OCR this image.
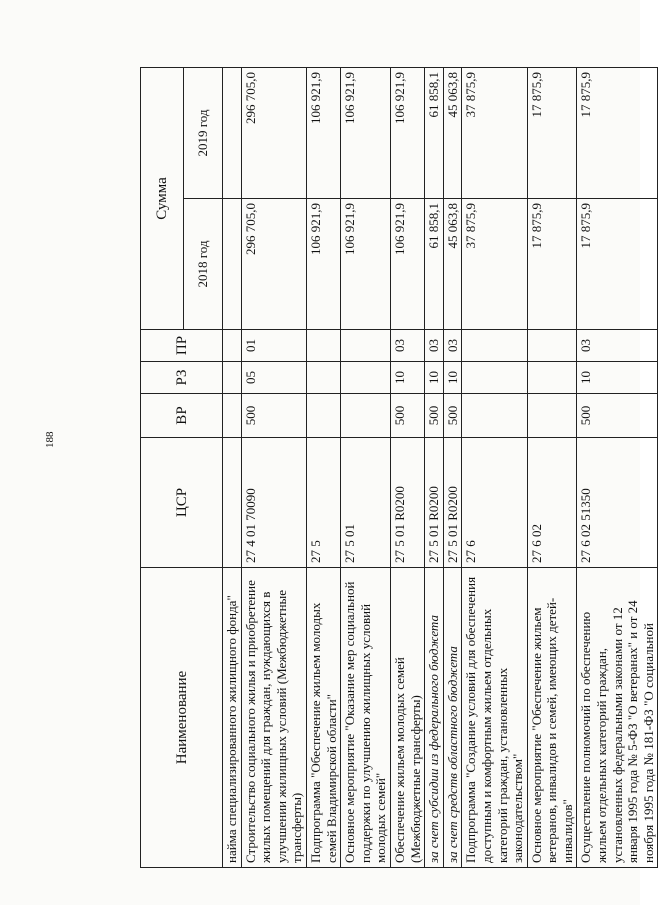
188
Наименование	ЦСР	ВР	РЗ	ПР	Сумма	
					2018 год	2019 год
найма специализированного жилищного фонда"						
Строительство социального жилья и приобретение жилых помещений для граждан, нуждающихся в улучшении жилищных условий (Межбюджетные трансферты)	27 4 01 70090	500	05	01	296 705,0	296 705,0
Подпрограмма "Обеспечение жильем молодых семей Владимирской области"	27 5				106 921,9	106 921,9
Основное мероприятие "Оказание мер социальной поддержки по улучшению жилищных условий молодых семей"	27 5 01				106 921,9	106 921,9
Обеспечение жильем молодых семей (Межбюджетные трансферты)	27 5 01 R0200	500	10	03	106 921,9	106 921,9
за счет субсидии из федерального бюджета	27 5 01 R0200	500	10	03	61 858,1	61 858,1
за счет средств областного бюджета	27 5 01 R0200	500	10	03	45 063,8	45 063,8
Подпрограмма "Создание условий для обеспечения доступным и комфортным жильем отдельных категорий граждан, установленных законодательством"	27 6				37 875,9	37 875,9
Основное мероприятие "Обеспечение жильем ветеранов, инвалидов и семей, имеющих детей-инвалидов"	27 6 02				17 875,9	17 875,9
Осуществление полномочий по обеспечению жильем отдельных категорий граждан, установленных федеральными законами от 12 января 1995 года № 5-ФЗ "О ветеранах" и от 24 ноября 1995 года № 181-ФЗ "О социальной	27 6 02 51350	500	10	03	17 875,9	17 875,9
